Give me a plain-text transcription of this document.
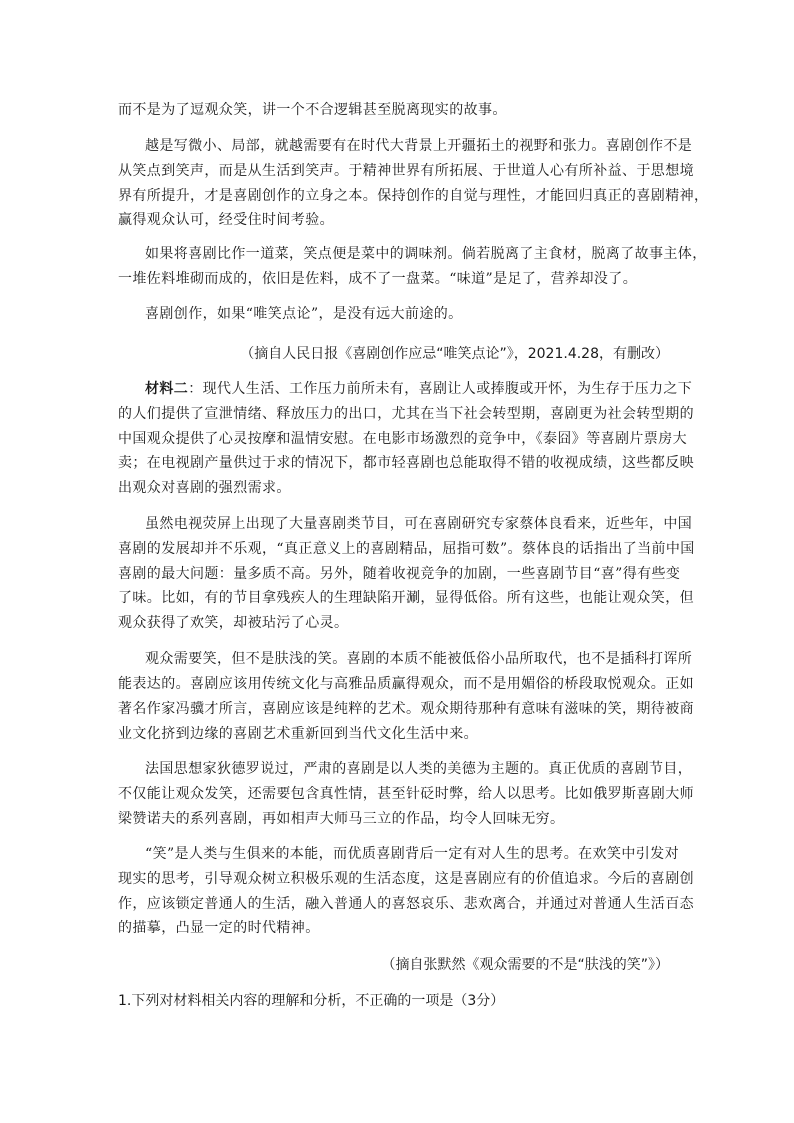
而不是为了逗观众笑，讲一个不合逻辑甚至脱离现实的故事。
越是写微小、局部，就越需要有在时代大背景上开疆拓土的视野和张力。喜剧创作不是
从笑点到笑声，而是从生活到笑声。于精神世界有所拓展、于世道人心有所补益、于思想境
界有所提升，才是喜剧创作的立身之本。保持创作的自觉与理性，才能回归真正的喜剧精神，
赢得观众认可，经受住时间考验。
如果将喜剧比作一道菜，笑点便是菜中的调味剂。倘若脱离了主食材，脱离了故事主体，
一堆佐料堆砌而成的，依旧是佐料，成不了一盘菜。“味道”是足了，营养却没了。
喜剧创作，如果“唯笑点论”，是没有远大前途的。
（摘自人民日报《喜剧创作应忌“唯笑点论”》，2021.4.28，有删改）
材料二：现代人生活、工作压力前所未有，喜剧让人或捧腹或开怀，为生存于压力之下
的人们提供了宣泄情绪、释放压力的出口，尤其在当下社会转型期，喜剧更为社会转型期的
中国观众提供了心灵按摩和温情安慰。在电影市场激烈的竞争中，《泰囧》等喜剧片票房大
卖；在电视剧产量供过于求的情况下，都市轻喜剧也总能取得不错的收视成绩，这些都反映
出观众对喜剧的强烈需求。
虽然电视荧屏上出现了大量喜剧类节目，可在喜剧研究专家蔡体良看来，近些年，中国
喜剧的发展却并不乐观，“真正意义上的喜剧精品，屈指可数”。蔡体良的话指出了当前中国
喜剧的最大问题：量多质不高。另外，随着收视竞争的加剧，一些喜剧节目“喜”得有些变
了味。比如，有的节目拿残疾人的生理缺陷开涮，显得低俗。所有这些，也能让观众笑，但
观众获得了欢笑，却被玷污了心灵。
观众需要笑，但不是肤浅的笑。喜剧的本质不能被低俗小品所取代，也不是插科打诨所
能表达的。喜剧应该用传统文化与高雅品质赢得观众，而不是用媚俗的桥段取悦观众。正如
著名作家冯骥才所言，喜剧应该是纯粹的艺术。观众期待那种有意味有滋味的笑，期待被商
业文化挤到边缘的喜剧艺术重新回到当代文化生活中来。
法国思想家狄德罗说过，严肃的喜剧是以人类的美德为主题的。真正优质的喜剧节目，
不仅能让观众发笑，还需要包含真性情，甚至针砭时弊，给人以思考。比如俄罗斯喜剧大师
梁赞诺夫的系列喜剧，再如相声大师马三立的作品，均令人回味无穷。
“笑”是人类与生俱来的本能，而优质喜剧背后一定有对人生的思考。在欢笑中引发对
现实的思考，引导观众树立积极乐观的生活态度，这是喜剧应有的价值追求。今后的喜剧创
作，应该锁定普通人的生活，融入普通人的喜怒哀乐、悲欢离合，并通过对普通人生活百态
的描摹，凸显一定的时代精神。
（摘自张默然《观众需要的不是“肤浅的笑”》）
1.下列对材料相关内容的理解和分析，不正确的一项是（3分）
